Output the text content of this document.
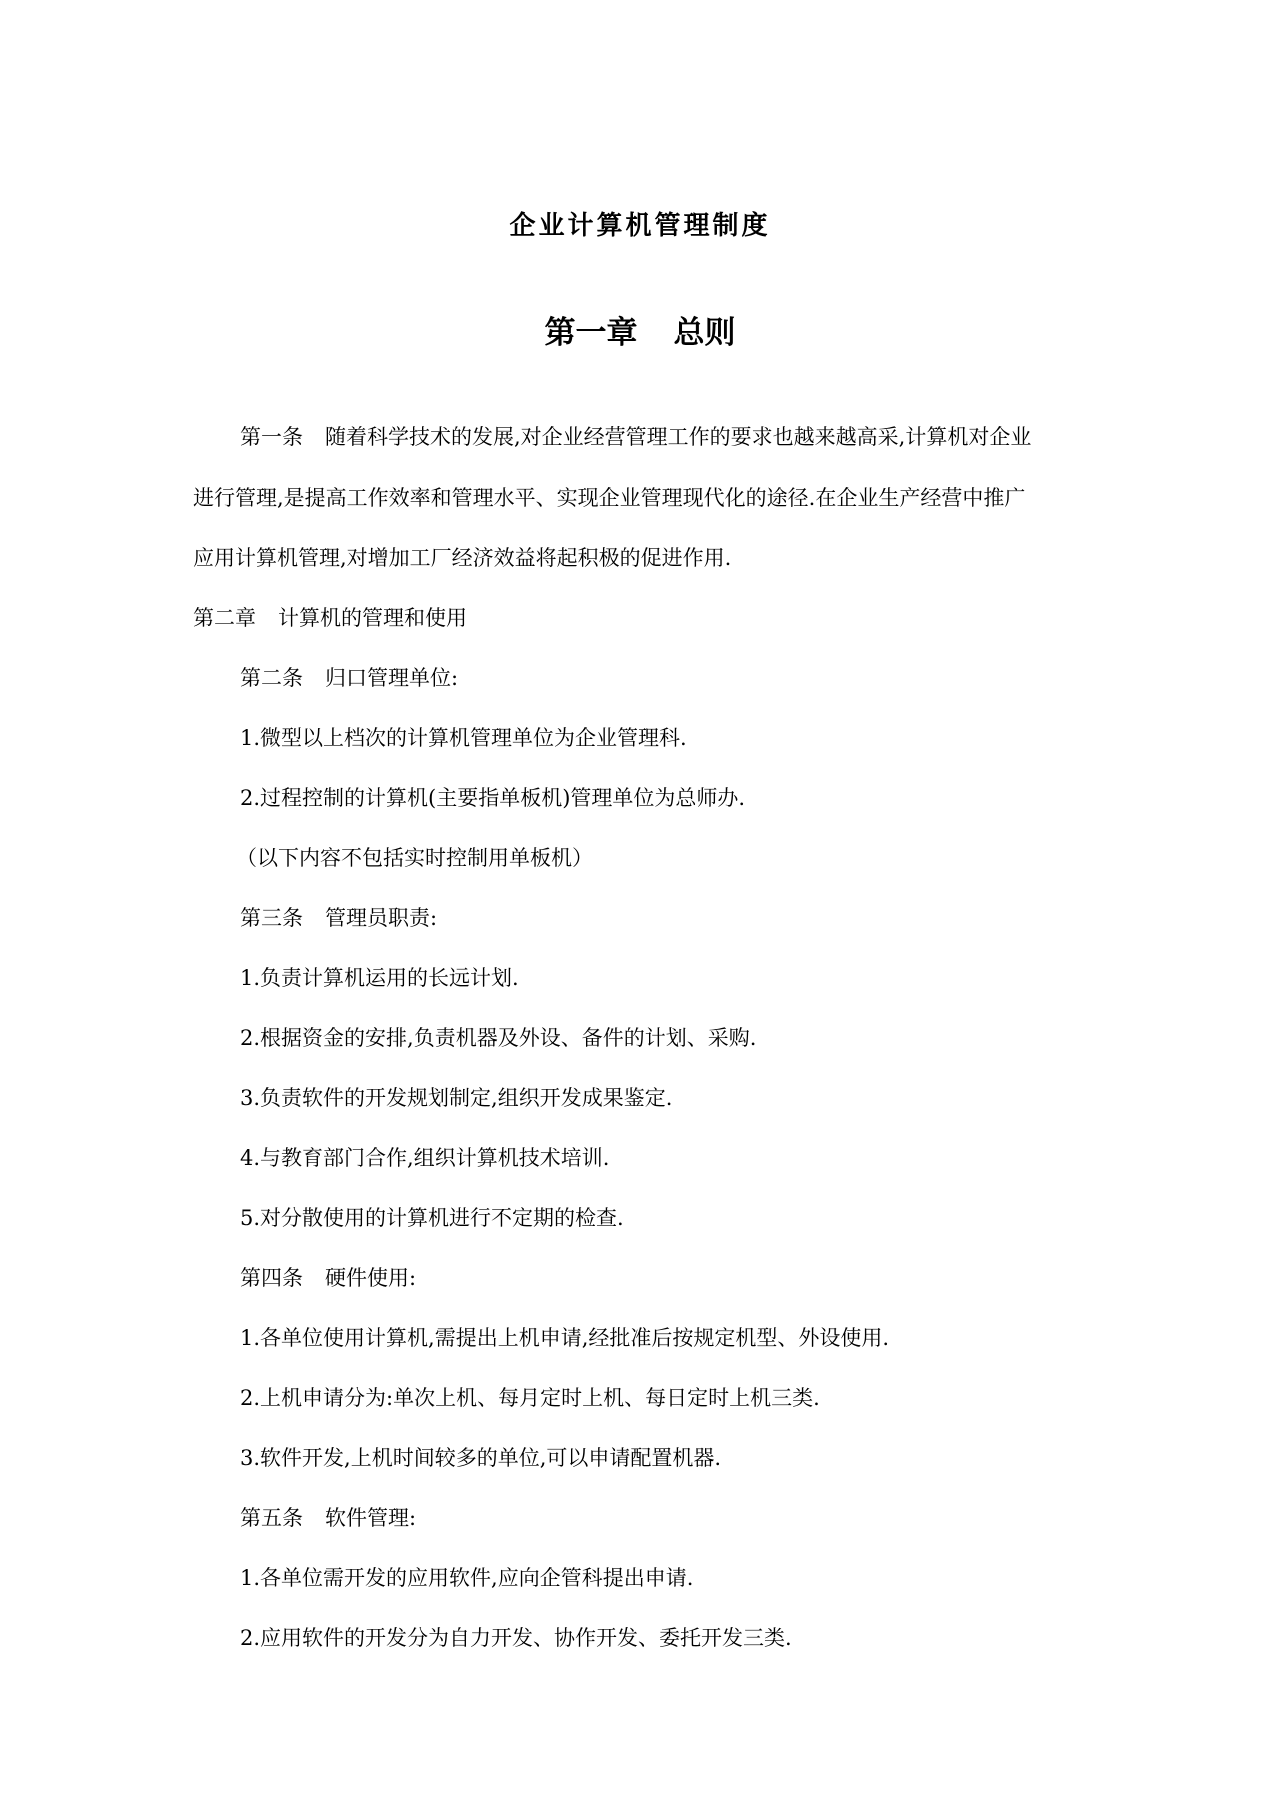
企业计算机管理制度
第一章 总则
第一条 随着科学技术的发展,对企业经营管理工作的要求也越来越高采,计算机对企业
进行管理,是提高工作效率和管理水平、实现企业管理现代化的途径.在企业生产经营中推广
应用计算机管理,对增加工厂经济效益将起积极的促进作用.
第二章 计算机的管理和使用
第二条 归口管理单位:
1.微型以上档次的计算机管理单位为企业管理科.
2.过程控制的计算机(主要指单板机)管理单位为总师办.
（以下内容不包括实时控制用单板机）
第三条 管理员职责:
1.负责计算机运用的长远计划.
2.根据资金的安排,负责机器及外设、备件的计划、采购.
3.负责软件的开发规划制定,组织开发成果鉴定.
4.与教育部门合作,组织计算机技术培训.
5.对分散使用的计算机进行不定期的检查.
第四条 硬件使用:
1.各单位使用计算机,需提出上机申请,经批准后按规定机型、外设使用.
2.上机申请分为:单次上机、每月定时上机、每日定时上机三类.
3.软件开发,上机时间较多的单位,可以申请配置机器.
第五条 软件管理:
1.各单位需开发的应用软件,应向企管科提出申请.
2.应用软件的开发分为自力开发、协作开发、委托开发三类.
